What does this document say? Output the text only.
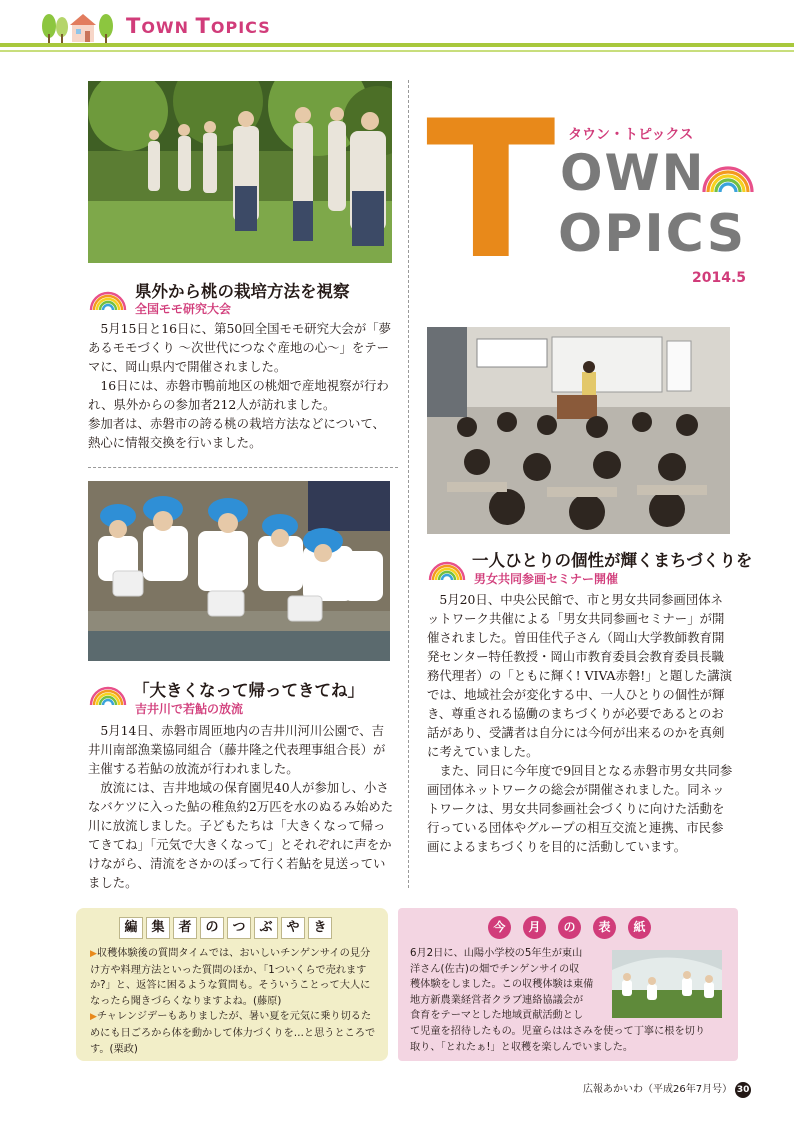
TOWN TOPICS
県外から桃の栽培方法を視察
全国モモ研究大会

5月15日と16日に、第50回全国モモ研究大会が「夢あるモモづくり ～次世代につなぐ産地の心～」をテーマに、岡山県内で開催されました。

16日には、赤磐市鴨前地区の桃畑で産地視察が行われ、県外からの参加者212人が訪れました。

参加者は、赤磐市の誇る桃の栽培方法などについて、熱心に情報交換を行いました。

「大きくなって帰ってきてね」
吉井川で若鮎の放流

5月14日、赤磐市周匝地内の吉井川河川公園で、吉井川南部漁業協同組合（藤井隆之代表理事組合長）が主催する若鮎の放流が行われました。

放流には、吉井地域の保育園児40人が参加し、小さなバケツに入った鮎の稚魚約2万匹を水のぬるみ始めた川に放流しました。子どもたちは「大きくなって帰ってきてね」「元気で大きくなって」とそれぞれに声をかけながら、清流をさかのぼって行く若鮎を見送っていました。

T タウン・トピックス
OWN
OPICS
2014.5
一人ひとりの個性が輝くまちづくりを
男女共同参画セミナー開催

5月20日、中央公民館で、市と男女共同参画団体ネットワーク共催による「男女共同参画セミナー」が開催されました。曽田佳代子さん（岡山大学教師教育開発センター特任教授・岡山市教育委員会教育委員長職務代理者）の「ともに輝く! VIVA赤磐!」と題した講演では、地域社会が変化する中、一人ひとりの個性が輝き、尊重される協働のまちづくりが必要であるとのお話があり、受講者は自分には今何が出来るのかを真剣に考えていました。

また、同日に今年度で9回目となる赤磐市男女共同参画団体ネットワークの総会が開催されました。同ネットワークは、男女共同参画社会づくりに向けた活動を行っている団体やグループの相互交流と連携、市民参画によるまちづくりを目的に活動しています。

編 集 者 の つ ぶ や き
▶収穫体験後の質問タイムでは、おいしいチンゲンサイの見分け方や料理方法といった質問のほか、「1ついくらで売れますか?」と、返答に困るような質問も。そういうことって大人になったら聞きづらくなりますよね。(藤原)
▶チャレンジデーもありましたが、暑い夏を元気に乗り切るためにも日ごろから体を動かして体力づくりを…と思うところです。(栗政)
今 月 の 表 紙
6月2日に、山陽小学校の5年生が東山
洋さん(佐古)の畑でチンゲンサイの収
穫体験をしました。この収穫体験は東備
地方新農業経営者クラブ連絡協議会が
食育をテーマとした地域貢献活動とし
て児童を招待したもの。児童らははさみを使って丁寧に根を切り
取り、「とれたぁ!」と収穫を楽しんでいました。
広報あかいわ（平成26年7月号） 30
